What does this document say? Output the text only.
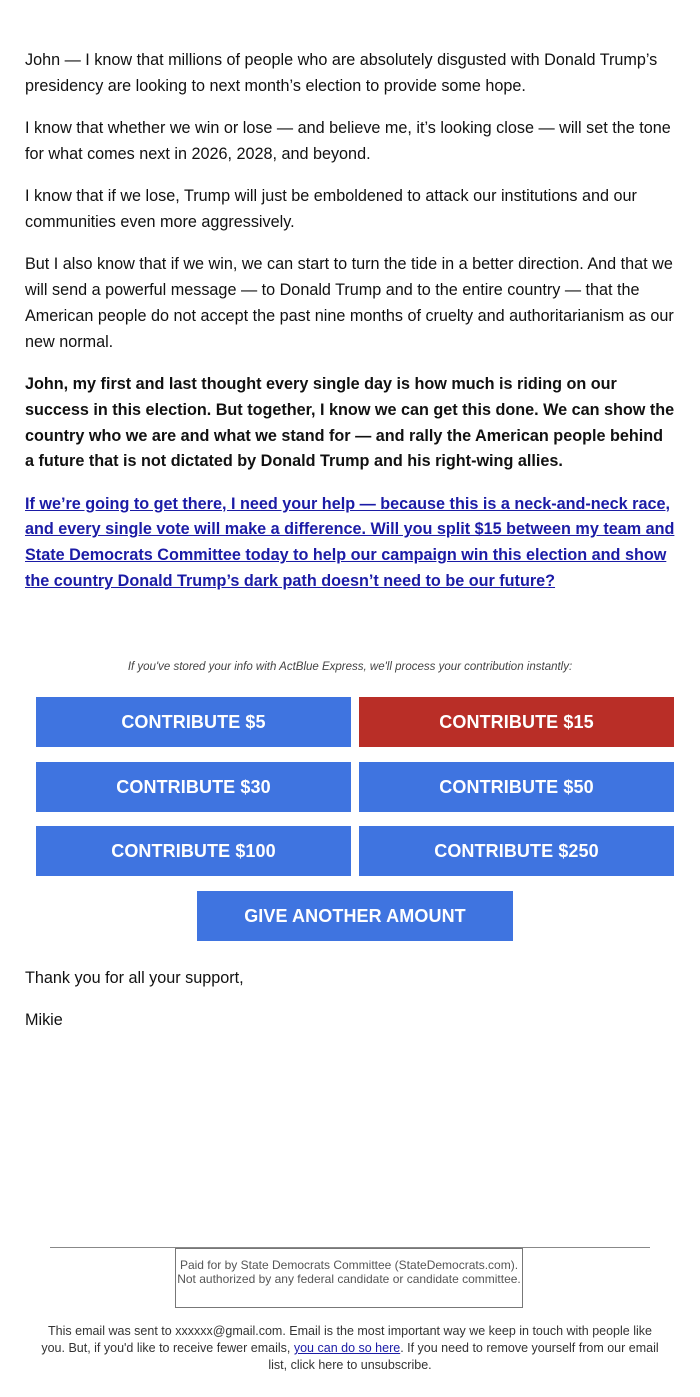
John — I know that millions of people who are absolutely disgusted with Donald Trump’s presidency are looking to next month’s election to provide some hope.

I know that whether we win or lose — and believe me, it’s looking close — will set the tone for what comes next in 2026, 2028, and beyond.

I know that if we lose, Trump will just be emboldened to attack our institutions and our communities even more aggressively.

But I also know that if we win, we can start to turn the tide in a better direction. And that we will send a powerful message — to Donald Trump and to the entire country — that the American people do not accept the past nine months of cruelty and authoritarianism as our new normal.

John, my first and last thought every single day is how much is riding on our success in this election. But together, I know we can get this done. We can show the country who we are and what we stand for — and rally the American people behind a future that is not dictated by Donald Trump and his right-wing allies.

If we’re going to get there, I need your help — because this is a neck-and-neck race, and every single vote will make a difference. Will you split $15 between my team and State Democrats Committee today to help our campaign win this election and show the country Donald Trump’s dark path doesn’t need to be our future?

If you've stored your info with ActBlue Express, we'll process your contribution instantly:

CONTRIBUTE $5	CONTRIBUTE $15
CONTRIBUTE $30	CONTRIBUTE $50
CONTRIBUTE $100	CONTRIBUTE $250
GIVE ANOTHER AMOUNT
Thank you for all your support,
Mikie
Paid for by State Democrats Committee (StateDemocrats.com). Not authorized by any federal candidate or candidate committee.
This email was sent to xxxxxx@gmail.com. Email is the most important way we keep in touch with people like you. But, if you'd like to receive fewer emails, you can do so here. If you need to remove yourself from our email list, click here to unsubscribe.
